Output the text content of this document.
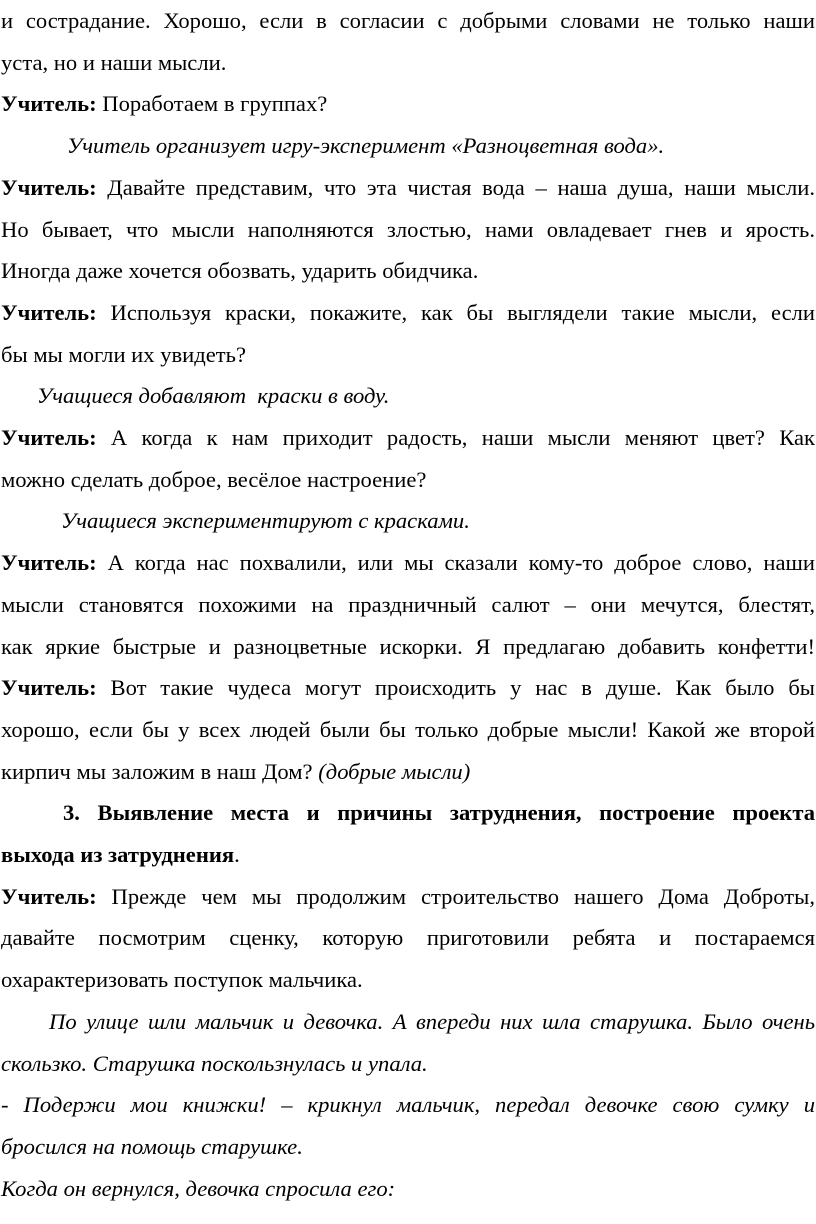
и сострадание. Хорошо, если в согласии с добрыми словами не только наши

уста, но и наши мысли.

Учитель: Поработаем в группах?

Учитель организует игру-эксперимент «Разноцветная вода».

Учитель: Давайте представим, что эта чистая вода – наша душа, наши мысли.

Но бывает, что мысли наполняются злостью, нами овладевает гнев и ярость.

Иногда даже хочется обозвать, ударить обидчика.

Учитель: Используя краски, покажите, как бы выглядели такие мысли, если

бы мы могли их увидеть?

Учащиеся добавляют  краски в воду.

Учитель: А когда к нам приходит радость, наши мысли меняют цвет? Как

можно сделать доброе, весёлое настроение?

Учащиеся экспериментируют с красками.

Учитель: А когда нас похвалили, или мы сказали кому-то доброе слово, наши

мысли становятся похожими на праздничный салют – они мечутся, блестят,

как яркие быстрые и разноцветные искорки. Я предлагаю добавить конфетти!

Учитель: Вот такие чудеса могут происходить у нас в душе. Как было бы

хорошо, если бы у всех людей были бы только добрые мысли! Какой же второй

кирпич мы заложим в наш Дом? (добрые мысли)

3. Выявление места и причины затруднения, построение проекта

выхода из затруднения.

Учитель: Прежде чем мы продолжим строительство нашего Дома Доброты,

давайте посмотрим сценку, которую приготовили ребята и постараемся

охарактеризовать поступок мальчика.

По улице шли мальчик и девочка. А впереди них шла старушка. Было очень

скользко. Старушка поскользнулась и упала.

- Подержи мои книжки! – крикнул мальчик, передал девочке свою сумку и

бросился на помощь старушке.

Когда он вернулся, девочка спросила его:
